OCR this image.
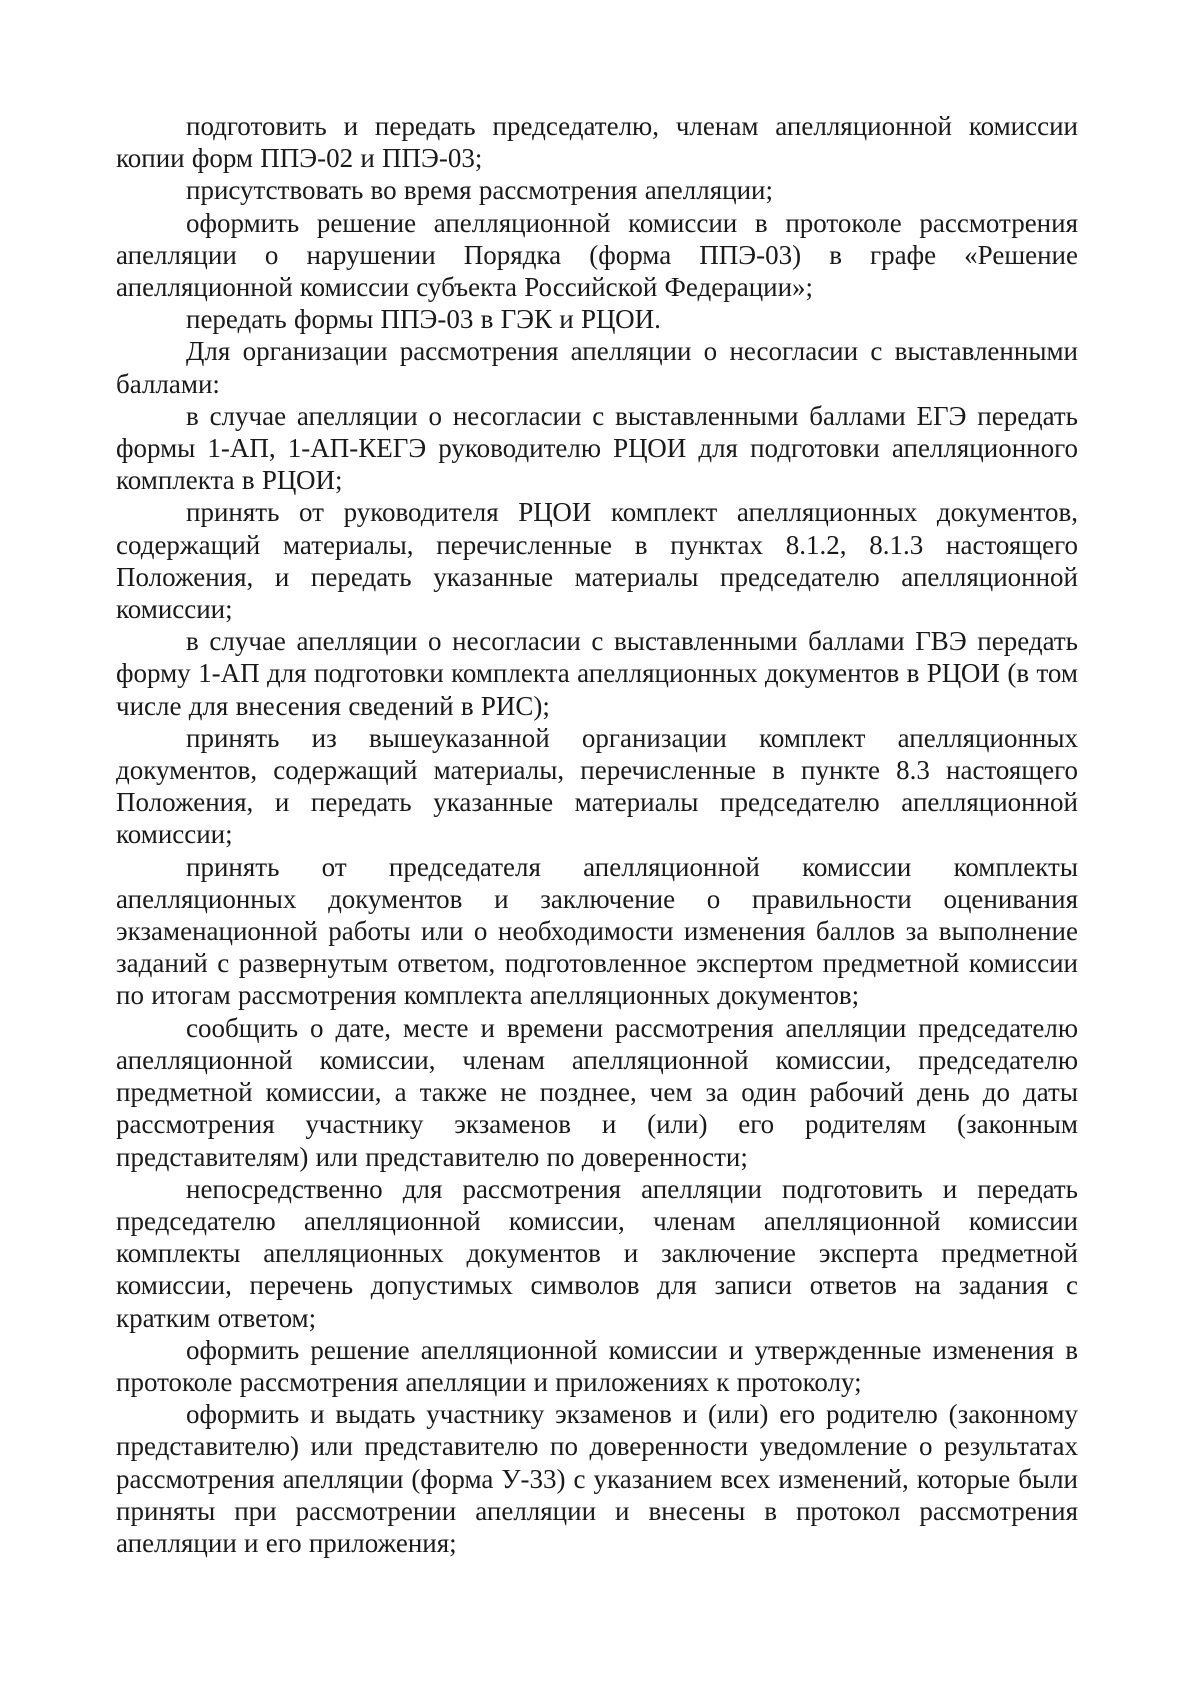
подготовить и передать председателю, членам апелляционной комиссии копии форм ППЭ-02 и ППЭ-03;

присутствовать во время рассмотрения апелляции;

оформить решение апелляционной комиссии в протоколе рассмотрения апелляции о нарушении Порядка (форма ППЭ-03) в графе «Решение апелляционной комиссии субъекта Российской Федерации»;

передать формы ППЭ-03 в ГЭК и РЦОИ.

Для организации рассмотрения апелляции о несогласии с выставленными баллами:

в случае апелляции о несогласии с выставленными баллами ЕГЭ передать формы 1-АП, 1-АП-КЕГЭ руководителю РЦОИ для подготовки апелляционного комплекта в РЦОИ;

принять от руководителя РЦОИ комплект апелляционных документов, содержащий материалы, перечисленные в пунктах 8.1.2, 8.1.3 настоящего Положения, и передать указанные материалы председателю апелляционной комиссии;

в случае апелляции о несогласии с выставленными баллами ГВЭ передать форму 1-АП для подготовки комплекта апелляционных документов в РЦОИ (в том числе для внесения сведений в РИС);

принять из вышеуказанной организации комплект апелляционных документов, содержащий материалы, перечисленные в пункте 8.3 настоящего Положения, и передать указанные материалы председателю апелляционной комиссии;

принять от председателя апелляционной комиссии комплекты апелляционных документов и заключение о правильности оценивания экзаменационной работы или о необходимости изменения баллов за выполнение заданий с развернутым ответом, подготовленное экспертом предметной комиссии по итогам рассмотрения комплекта апелляционных документов;

сообщить о дате, месте и времени рассмотрения апелляции председателю апелляционной комиссии, членам апелляционной комиссии, председателю предметной комиссии, а также не позднее, чем за один рабочий день до даты рассмотрения участнику экзаменов и (или) его родителям (законным представителям) или представителю по доверенности;

непосредственно для рассмотрения апелляции подготовить и передать председателю апелляционной комиссии, членам апелляционной комиссии комплекты апелляционных документов и заключение эксперта предметной комиссии, перечень допустимых символов для записи ответов на задания с кратким ответом;

оформить решение апелляционной комиссии и утвержденные изменения в протоколе рассмотрения апелляции и приложениях к протоколу;

оформить и выдать участнику экзаменов и (или) его родителю (законному представителю) или представителю по доверенности уведомление о результатах рассмотрения апелляции (форма У-33) с указанием всех изменений, которые были приняты при рассмотрении апелляции и внесены в протокол рассмотрения апелляции и его приложения;
